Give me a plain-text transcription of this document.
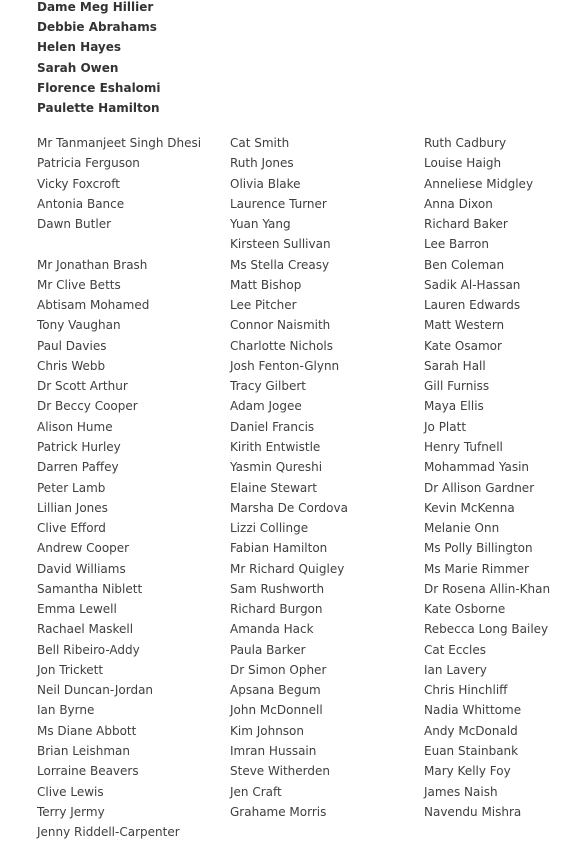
Dame Meg Hillier
Debbie Abrahams
Helen Hayes
Sarah Owen
Florence Eshalomi
Paulette Hamilton
Mr Tanmanjeet Singh Dhesi
Patricia Ferguson
Vicky Foxcroft
Antonia Bance
Dawn Butler
Mr Jonathan Brash
Mr Clive Betts
Abtisam Mohamed
Tony Vaughan
Paul Davies
Chris Webb
Dr Scott Arthur
Dr Beccy Cooper
Alison Hume
Patrick Hurley
Darren Paffey
Peter Lamb
Lillian Jones
Clive Efford
Andrew Cooper
David Williams
Samantha Niblett
Emma Lewell
Rachael Maskell
Bell Ribeiro-Addy
Jon Trickett
Neil Duncan-Jordan
Ian Byrne
Ms Diane Abbott
Brian Leishman
Lorraine Beavers
Clive Lewis
Terry Jermy
Jenny Riddell-Carpenter
Cat Smith
Ruth Jones
Olivia Blake
Laurence Turner
Yuan Yang
Kirsteen Sullivan
Ms Stella Creasy
Matt Bishop
Lee Pitcher
Connor Naismith
Charlotte Nichols
Josh Fenton-Glynn
Tracy Gilbert
Adam Jogee
Daniel Francis
Kirith Entwistle
Yasmin Qureshi
Elaine Stewart
Marsha De Cordova
Lizzi Collinge
Fabian Hamilton
Mr Richard Quigley
Sam Rushworth
Richard Burgon
Amanda Hack
Paula Barker
Dr Simon Opher
Apsana Begum
John McDonnell
Kim Johnson
Imran Hussain
Steve Witherden
Jen Craft
Grahame Morris
Ruth Cadbury
Louise Haigh
Anneliese Midgley
Anna Dixon
Richard Baker
Lee Barron
Ben Coleman
Sadik Al-Hassan
Lauren Edwards
Matt Western
Kate Osamor
Sarah Hall
Gill Furniss
Maya Ellis
Jo Platt
Henry Tufnell
Mohammad Yasin
Dr Allison Gardner
Kevin McKenna
Melanie Onn
Ms Polly Billington
Ms Marie Rimmer
Dr Rosena Allin-Khan
Kate Osborne
Rebecca Long Bailey
Cat Eccles
Ian Lavery
Chris Hinchliff
Nadia Whittome
Andy McDonald
Euan Stainbank
Mary Kelly Foy
James Naish
Navendu Mishra
